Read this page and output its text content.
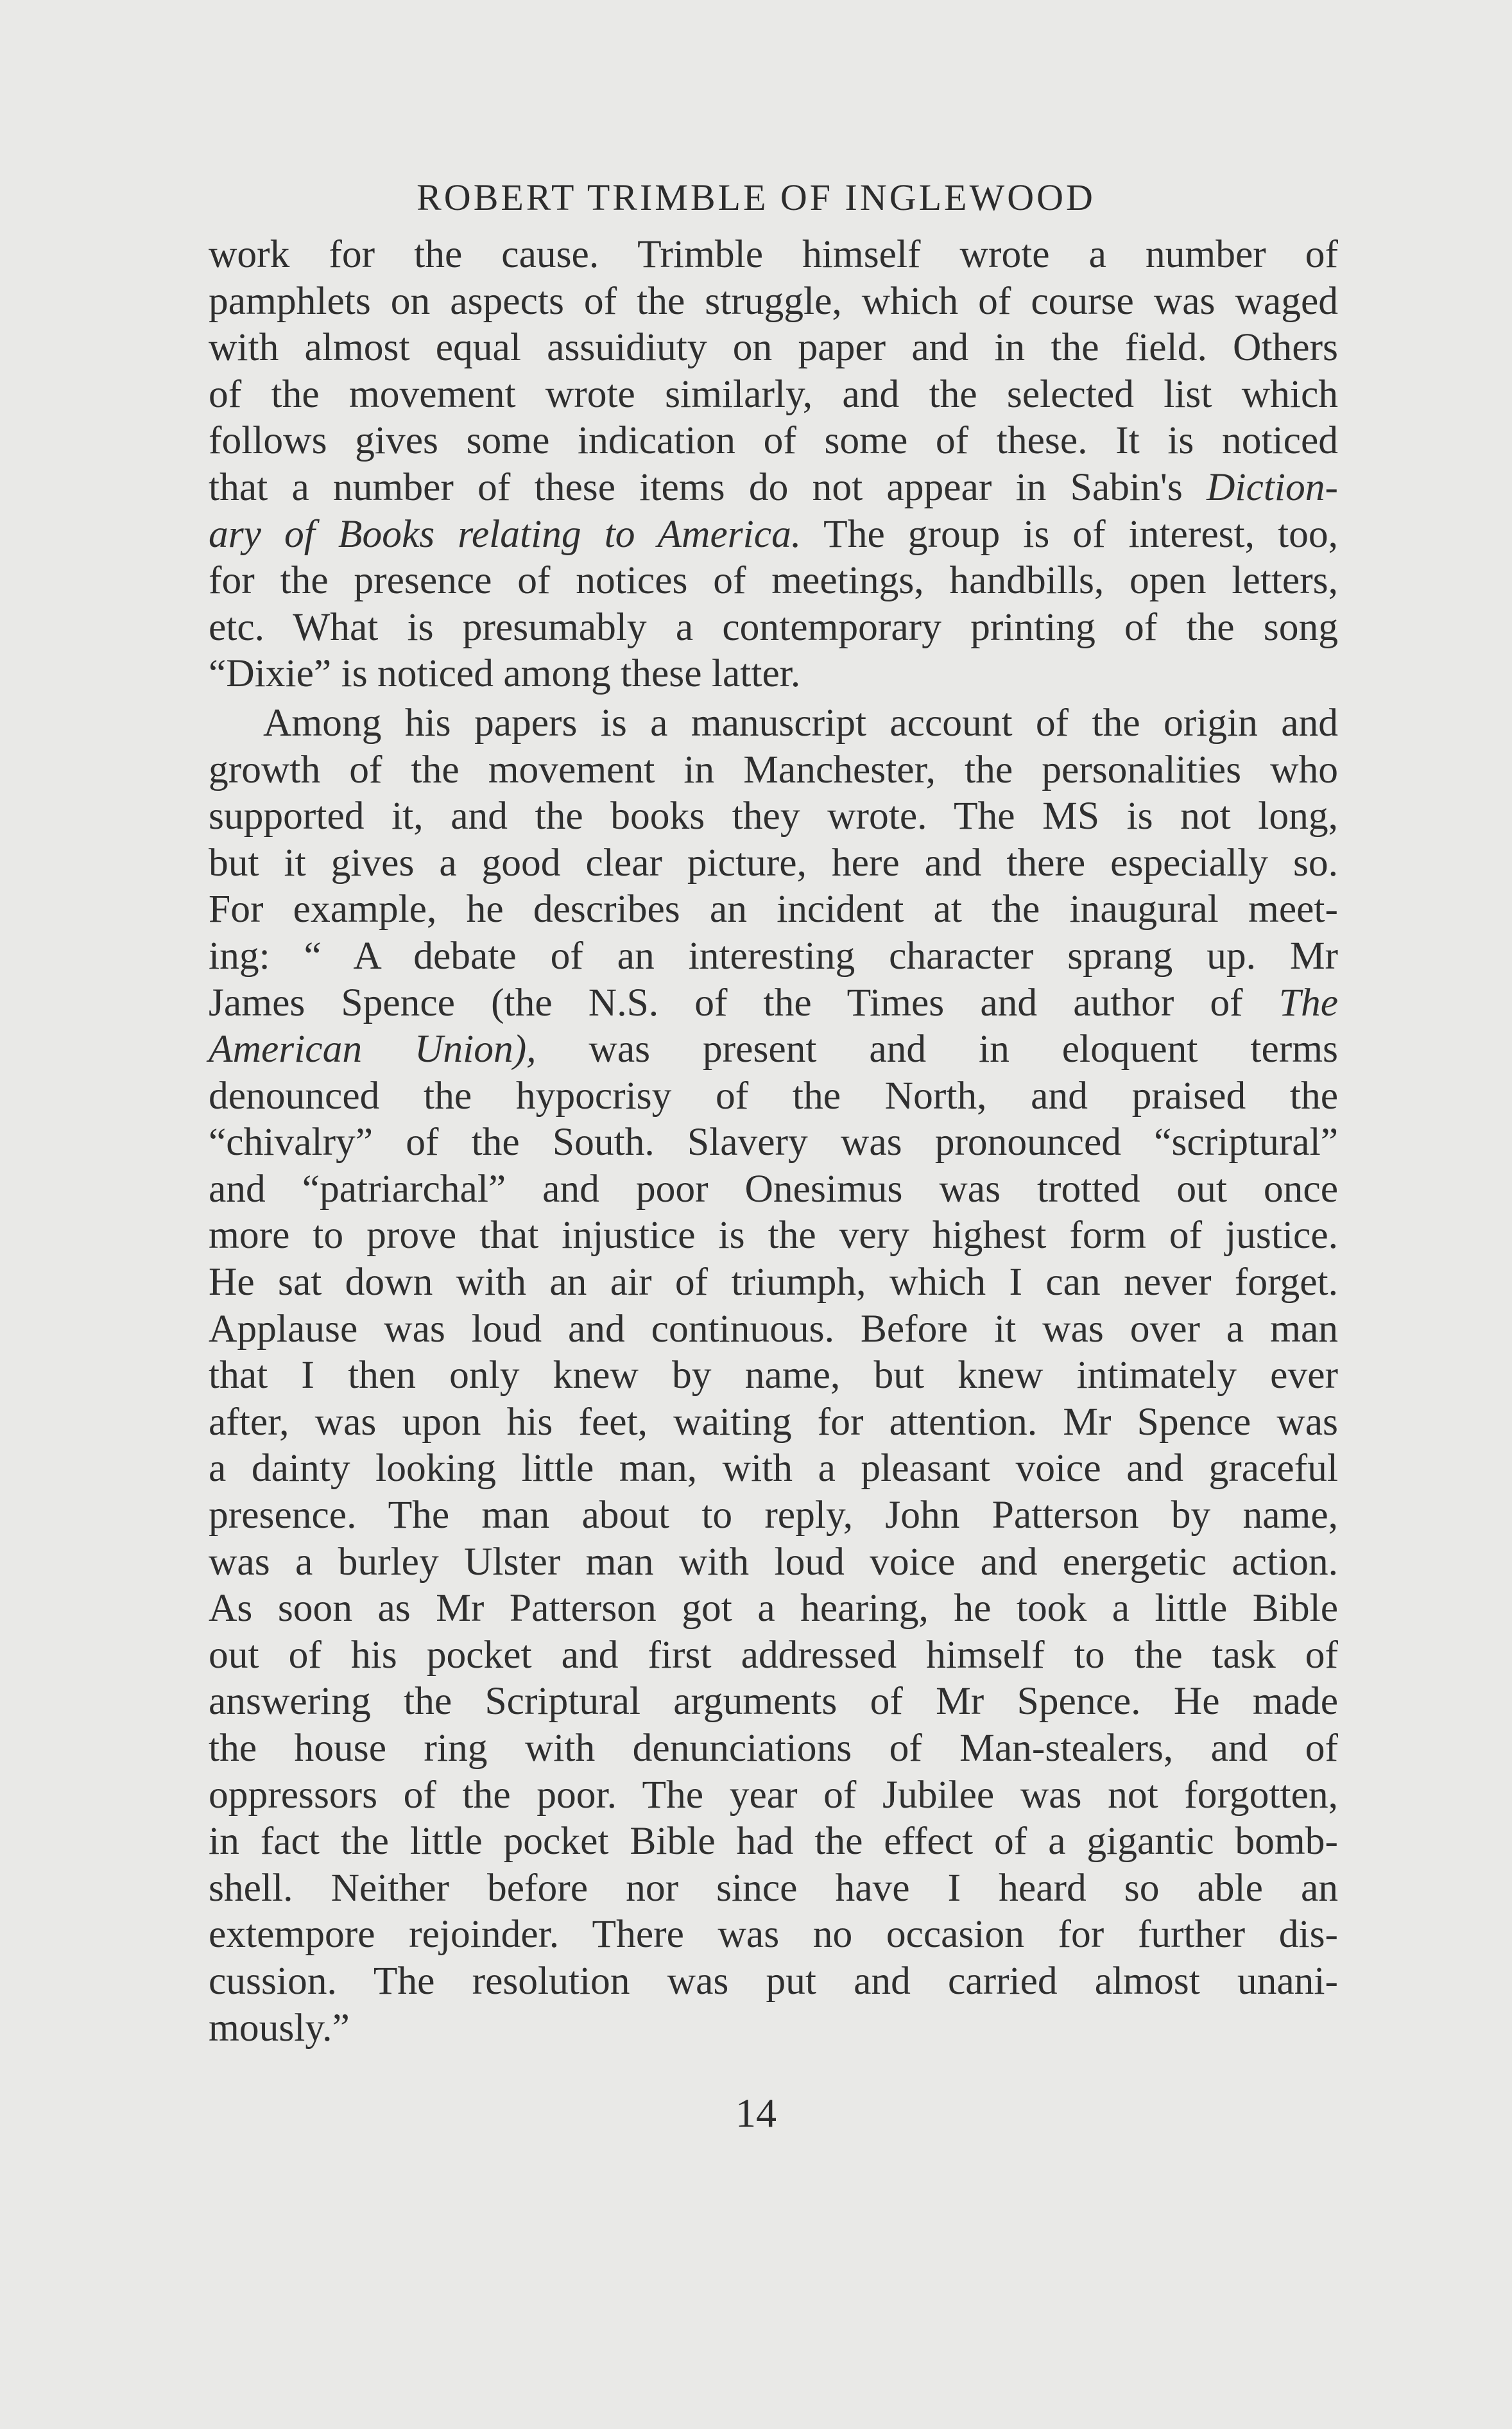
ROBERT TRIMBLE OF INGLEWOOD
work for the cause. Trimble himself wrote a number of
pamphlets on aspects of the struggle, which of course was waged
with almost equal assuidiuty on paper and in the field. Others
of the movement wrote similarly, and the selected list which
follows gives some indication of some of these. It is noticed
that a number of these items do not appear in Sabin's Diction-
ary of Books relating to America. The group is of interest, too,
for the presence of notices of meetings, handbills, open letters,
etc. What is presumably a contemporary printing of the song
“Dixie” is noticed among these latter.
Among his papers is a manuscript account of the origin and
growth of the movement in Manchester, the personalities who
supported it, and the books they wrote. The MS is not long,
but it gives a good clear picture, here and there especially so.
For example, he describes an incident at the inaugural meet-
ing: “ A debate of an interesting character sprang up. Mr
James Spence (the N.S. of the Times and author of The
American Union), was present and in eloquent terms
denounced the hypocrisy of the North, and praised the
“chivalry” of the South. Slavery was pronounced “scriptural”
and “patriarchal” and poor Onesimus was trotted out once
more to prove that injustice is the very highest form of justice.
He sat down with an air of triumph, which I can never forget.
Applause was loud and continuous. Before it was over a man
that I then only knew by name, but knew intimately ever
after, was upon his feet, waiting for attention. Mr Spence was
a dainty looking little man, with a pleasant voice and graceful
presence. The man about to reply, John Patterson by name,
was a burley Ulster man with loud voice and energetic action.
As soon as Mr Patterson got a hearing, he took a little Bible
out of his pocket and first addressed himself to the task of
answering the Scriptural arguments of Mr Spence. He made
the house ring with denunciations of Man-stealers, and of
oppressors of the poor. The year of Jubilee was not forgotten,
in fact the little pocket Bible had the effect of a gigantic bomb-
shell. Neither before nor since have I heard so able an
extempore rejoinder. There was no occasion for further dis-
cussion. The resolution was put and carried almost unani-
mously.”
14
